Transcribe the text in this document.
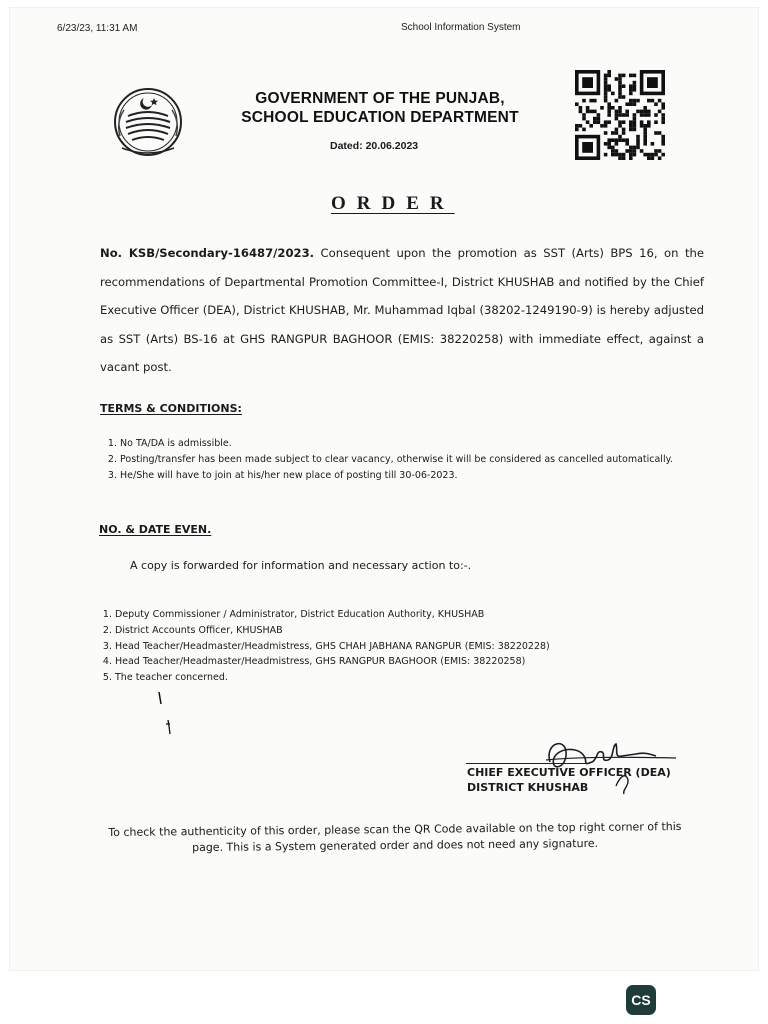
6/23/23, 11:31 AM	School Information System
GOVERNMENT OF THE PUNJAB,
SCHOOL EDUCATION DEPARTMENT
Dated: 20.06.2023
ORDER
No. KSB/Secondary-16487/2023. Consequent upon the promotion as SST (Arts) BPS 16, on the recommendations of Departmental Promotion Committee-I, District KHUSHAB and notified by the Chief Executive Officer (DEA), District KHUSHAB, Mr. Muhammad Iqbal (38202-1249190-9) is hereby adjusted as SST (Arts) BS-16 at GHS RANGPUR BAGHOOR (EMIS: 38220258) with immediate effect, against a vacant post.
TERMS & CONDITIONS:
1. No TA/DA is admissible.
2. Posting/transfer has been made subject to clear vacancy, otherwise it will be considered as cancelled automatically.
3. He/She will have to join at his/her new place of posting till 30-06-2023.
NO. & DATE EVEN.
A copy is forwarded for information and necessary action to:-.
1. Deputy Commissioner / Administrator, District Education Authority, KHUSHAB
2. District Accounts Officer, KHUSHAB
3. Head Teacher/Headmaster/Headmistress, GHS CHAH JABHANA RANGPUR (EMIS: 38220228)
4. Head Teacher/Headmaster/Headmistress, GHS RANGPUR BAGHOOR (EMIS: 38220258)
5. The teacher concerned.
CHIEF EXECUTIVE OFFICER (DEA)
DISTRICT KHUSHAB
To check the authenticity of this order, please scan the QR Code available on the top right corner of this page. This is a System generated order and does not need any signature.
CS
